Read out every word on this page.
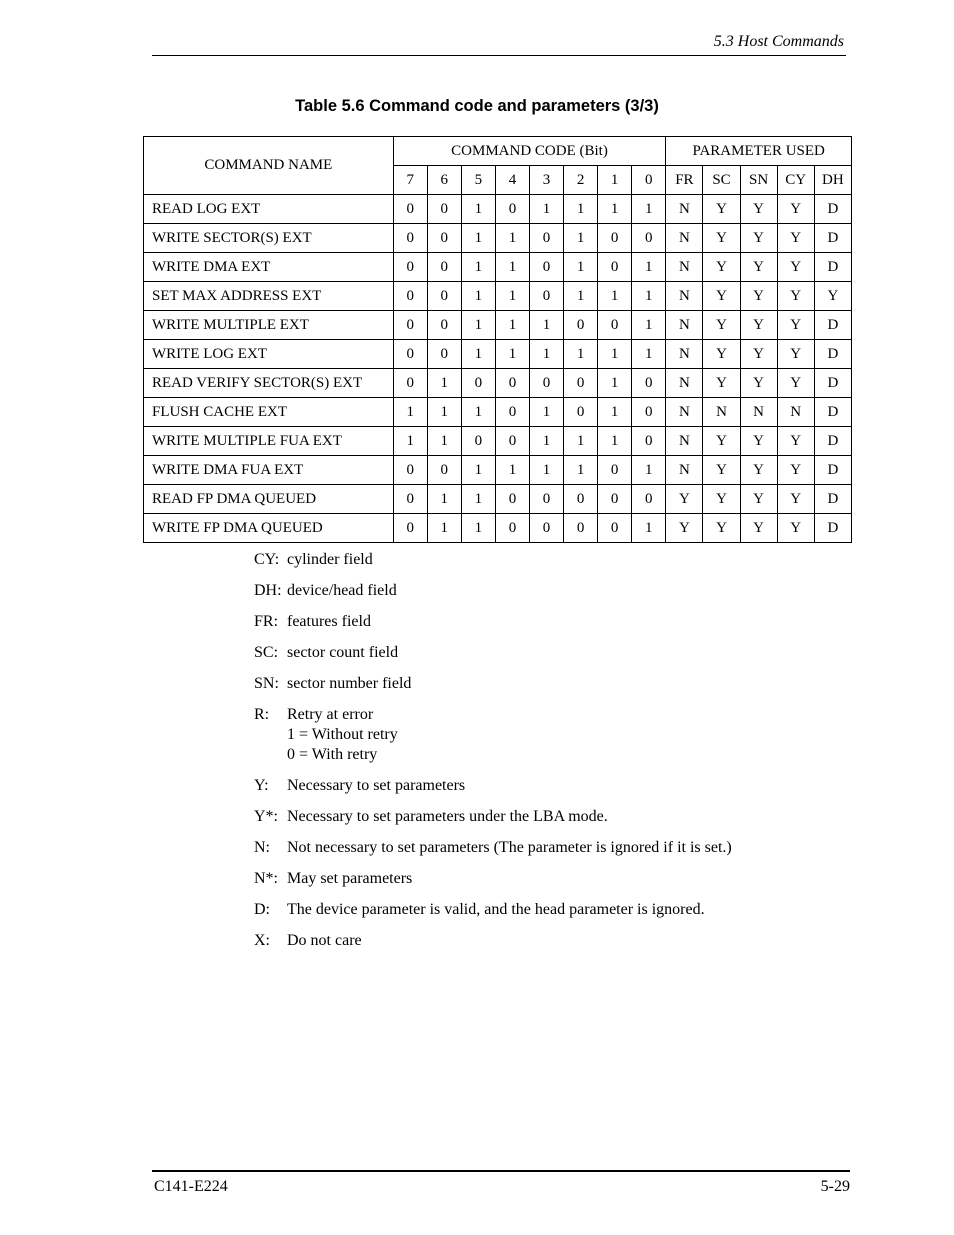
5.3 Host Commands
Table 5.6 Command code and parameters (3/3)
COMMAND NAME	COMMAND CODE (Bit)								PARAMETER USED				
	7	6	5	4	3	2	1	0	FR	SC	SN	CY	DH
READ LOG EXT	0	0	1	0	1	1	1	1	N	Y	Y	Y	D
WRITE SECTOR(S) EXT	0	0	1	1	0	1	0	0	N	Y	Y	Y	D
WRITE DMA EXT	0	0	1	1	0	1	0	1	N	Y	Y	Y	D
SET MAX ADDRESS EXT	0	0	1	1	0	1	1	1	N	Y	Y	Y	Y
WRITE MULTIPLE EXT	0	0	1	1	1	0	0	1	N	Y	Y	Y	D
WRITE LOG EXT	0	0	1	1	1	1	1	1	N	Y	Y	Y	D
READ VERIFY SECTOR(S) EXT	0	1	0	0	0	0	1	0	N	Y	Y	Y	D
FLUSH CACHE EXT	1	1	1	0	1	0	1	0	N	N	N	N	D
WRITE MULTIPLE FUA EXT	1	1	0	0	1	1	1	0	N	Y	Y	Y	D
WRITE DMA FUA EXT	0	0	1	1	1	1	0	1	N	Y	Y	Y	D
READ FP DMA QUEUED	0	1	1	0	0	0	0	0	Y	Y	Y	Y	D
WRITE FP DMA QUEUED	0	1	1	0	0	0	0	1	Y	Y	Y	Y	D
CY: cylinder field
DH: device/head field
FR: features field
SC: sector count field
SN: sector number field
R:	Retry at error
1 = Without retry
0 = With retry
Y:	Necessary to set parameters
Y*: Necessary to set parameters under the LBA mode.
N:	Not necessary to set parameters (The parameter is ignored if it is set.)
N*: May set parameters
D:	The device parameter is valid, and the head parameter is ignored.
X:	Do not care
C141-E224	5-29
